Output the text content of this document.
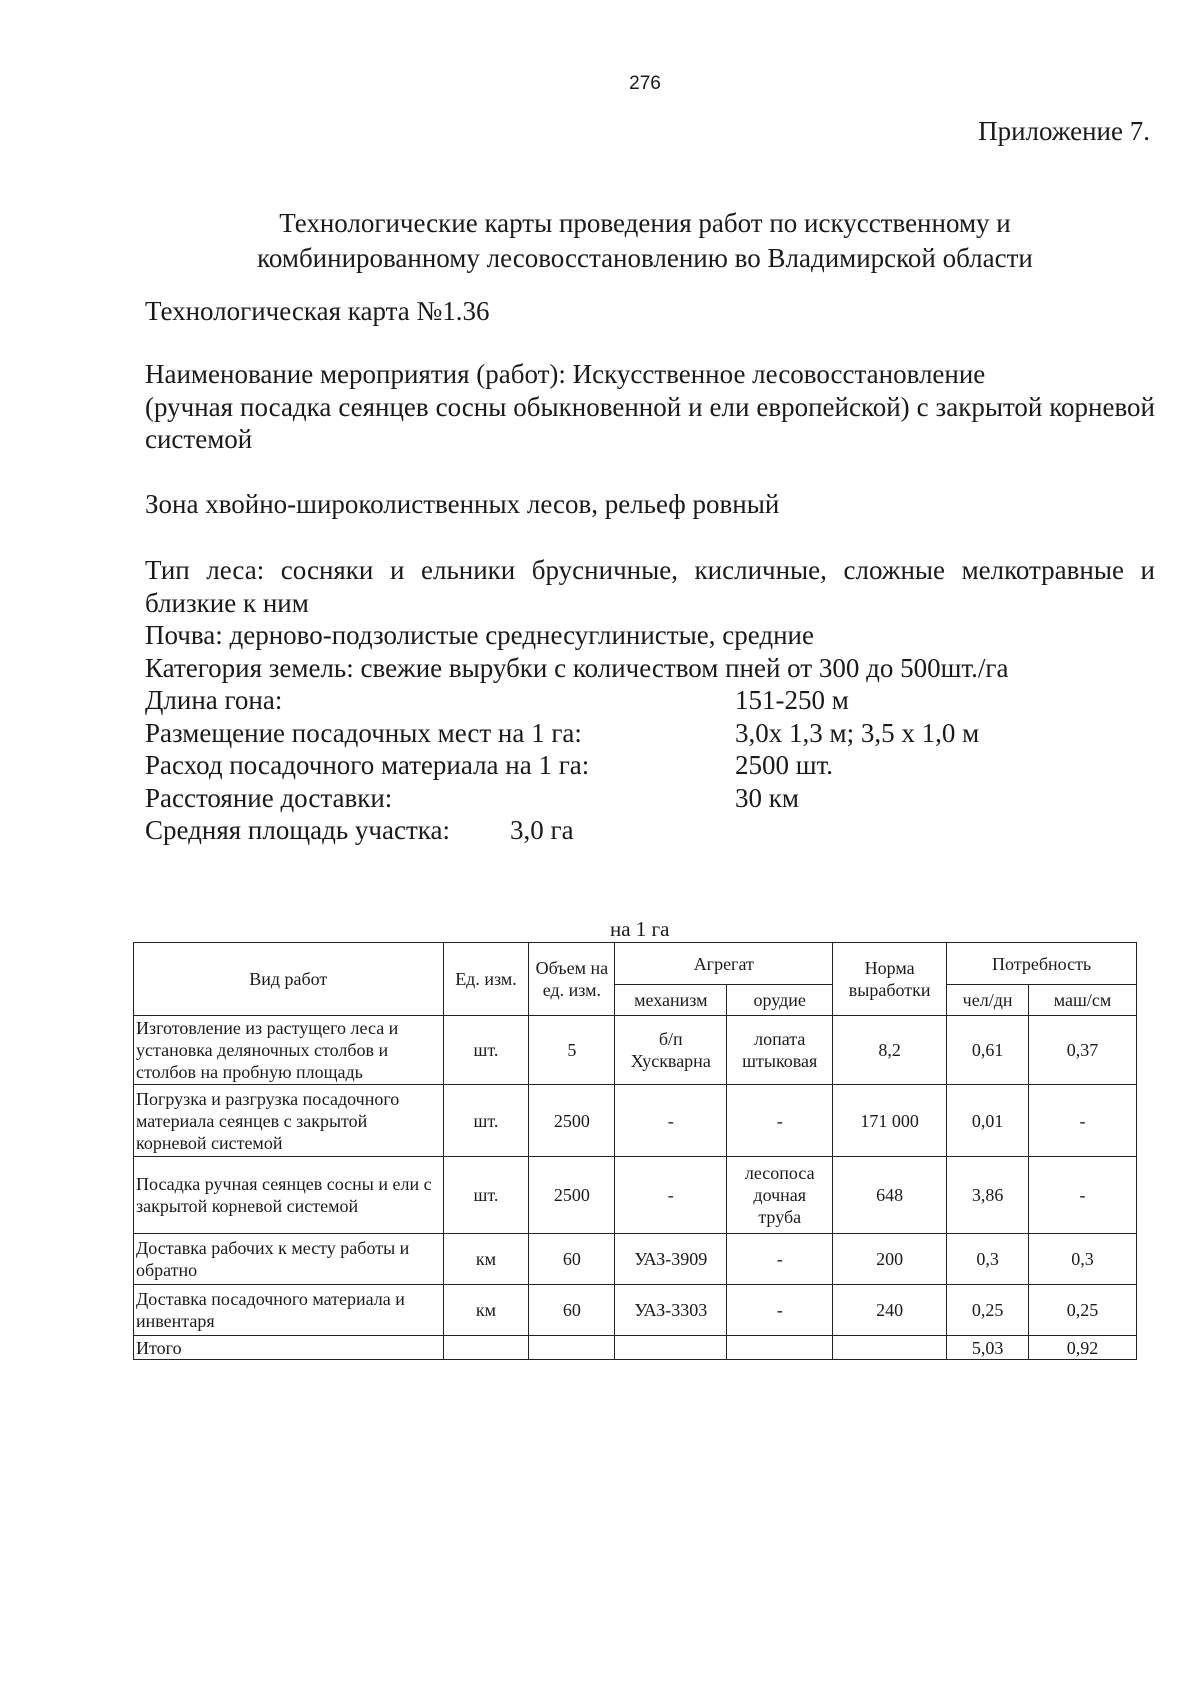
276
Приложение 7.
Технологические карты проведения работ по искусственному и
комбинированному лесовосстановлению во Владимирской области
Технологическая карта №1.36
Наименование мероприятия (работ): Искусственное лесовосстановление
(ручная посадка сеянцев сосны обыкновенной и ели европейской) с закрытой корневой системой
Зона хвойно-широколиственных лесов, рельеф ровный
Тип леса: сосняки и ельники брусничные, кисличные, сложные мелкотравные и близкие к ним
Почва: дерново-подзолистые среднесуглинистые, средние
Категория земель: свежие вырубки с количеством пней от 300 до 500шт./га
Длина гона:	151-250 м
Размещение посадочных мест на 1 га:	3,0х 1,3 м; 3,5 х 1,0 м
Расход посадочного материала на 1 га:	2500 шт.
Расстояние доставки:	30 км
Средняя площадь участка:	3,0 га
на 1 га
Вид работ	Ед. изм.	Объем на ед. изм.	Агрегат		Норма выработки	Потребность	
			механизм	орудие		чел/дн	маш/см
Изготовление из растущего леса и установка деляночных столбов и столбов на пробную площадь	шт.	5	б/п Хускварна	лопата штыковая	8,2	0,61	0,37
Погрузка и разгрузка посадочного материала сеянцев с закрытой корневой системой	шт.	2500	-	-	171 000	0,01	-
Посадка ручная сеянцев сосны и ели с закрытой корневой системой	шт.	2500	-	лесопоса дочная труба	648	3,86	-
Доставка рабочих к месту работы и обратно	км	60	УАЗ-3909	-	200	0,3	0,3
Доставка посадочного материала и инвентаря	км	60	УАЗ-3303	-	240	0,25	0,25
Итого						5,03	0,92
